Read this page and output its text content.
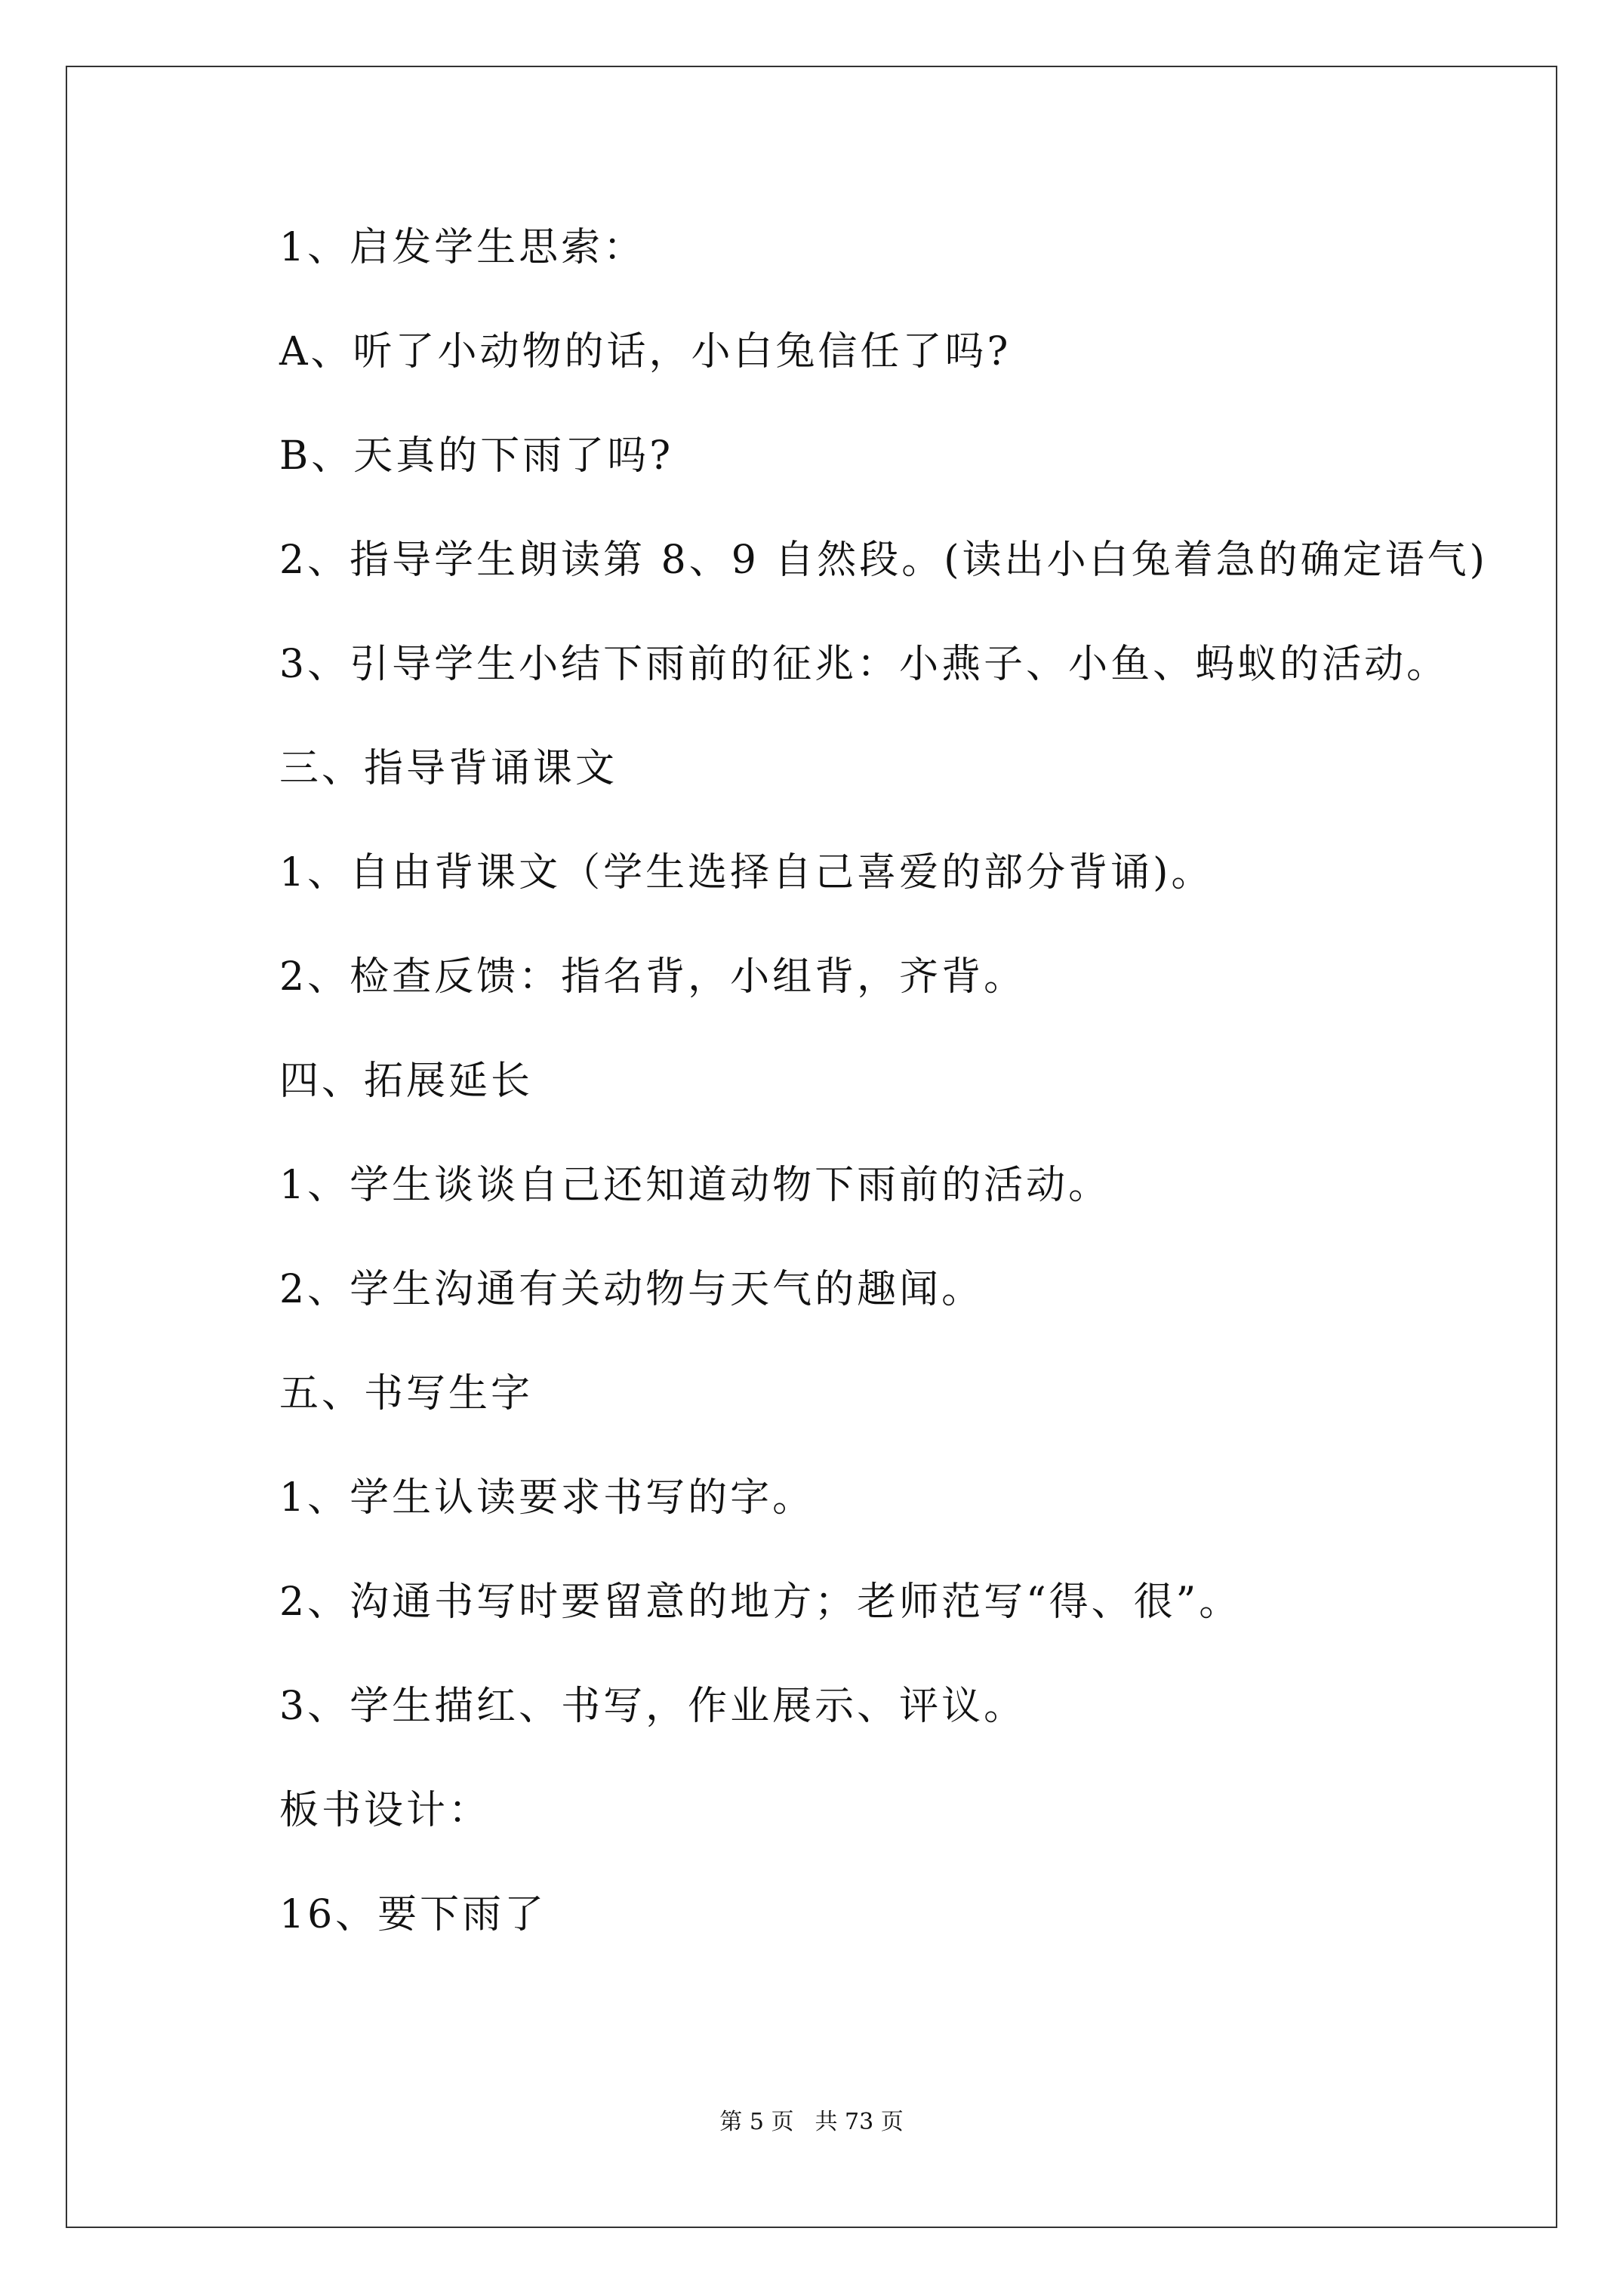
1、启发学生思索：
A、听了小动物的话，小白兔信任了吗?
B、天真的下雨了吗?
2、指导学生朗读第 8、9 自然段。(读出小白兔着急的确定语气)
3、引导学生小结下雨前的征兆：小燕子、小鱼、蚂蚁的活动。
三、指导背诵课文
1、自由背课文（学生选择自己喜爱的部分背诵)。
2、检查反馈：指名背，小组背，齐背。
四、拓展延长
1、学生谈谈自己还知道动物下雨前的活动。
2、学生沟通有关动物与天气的趣闻。
五、书写生字
1、学生认读要求书写的字。
2、沟通书写时要留意的地方；老师范写“得、很”。
3、学生描红、书写，作业展示、评议。
板书设计：
16、要下雨了
第 5 页 共 73 页
